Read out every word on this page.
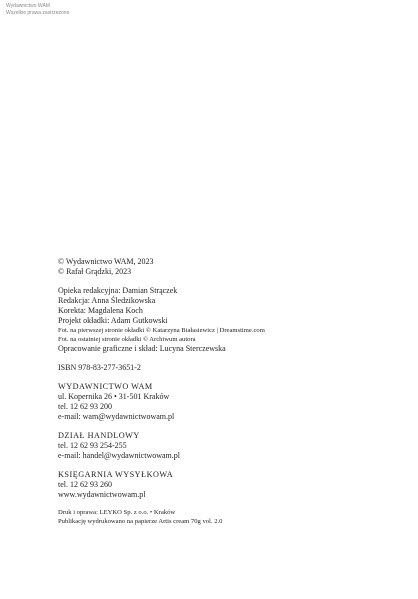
Wydawnictwo WAM
Wszelkie prawa zastrzeżone
© Wydawnictwo WAM, 2023
© Rafał Grądzki, 2023
Opieka redakcyjna: Damian Strączek
Redakcja: Anna Śledzikowska
Korekta: Magdalena Koch
Projekt okładki: Adam Gutkowski
Fot. na pierwszej stronie okładki © Katarzyna Białasiewicz | Dreamstime.com
Fot. na ostatniej stronie okładki © Archiwum autora
Opracowanie graficzne i skład: Lucyna Sterczewska
ISBN 978-83-277-3651-2
WYDAWNICTWO WAM
ul. Kopernika 26 • 31-501 Kraków
tel. 12 62 93 200
e-mail: wam@wydawnictwowam.pl
DZIAŁ HANDLOWY
tel. 12 62 93 254-255
e-mail: handel@wydawnictwowam.pl
KSIĘGARNIA WYSYŁKOWA
tel. 12 62 93 260
www.wydawnictwowam.pl
Druk i oprawa: LEYKO Sp. z o.o. • Kraków
Publikację wydrukowano na papierze Artis cream 70g vol. 2.0
